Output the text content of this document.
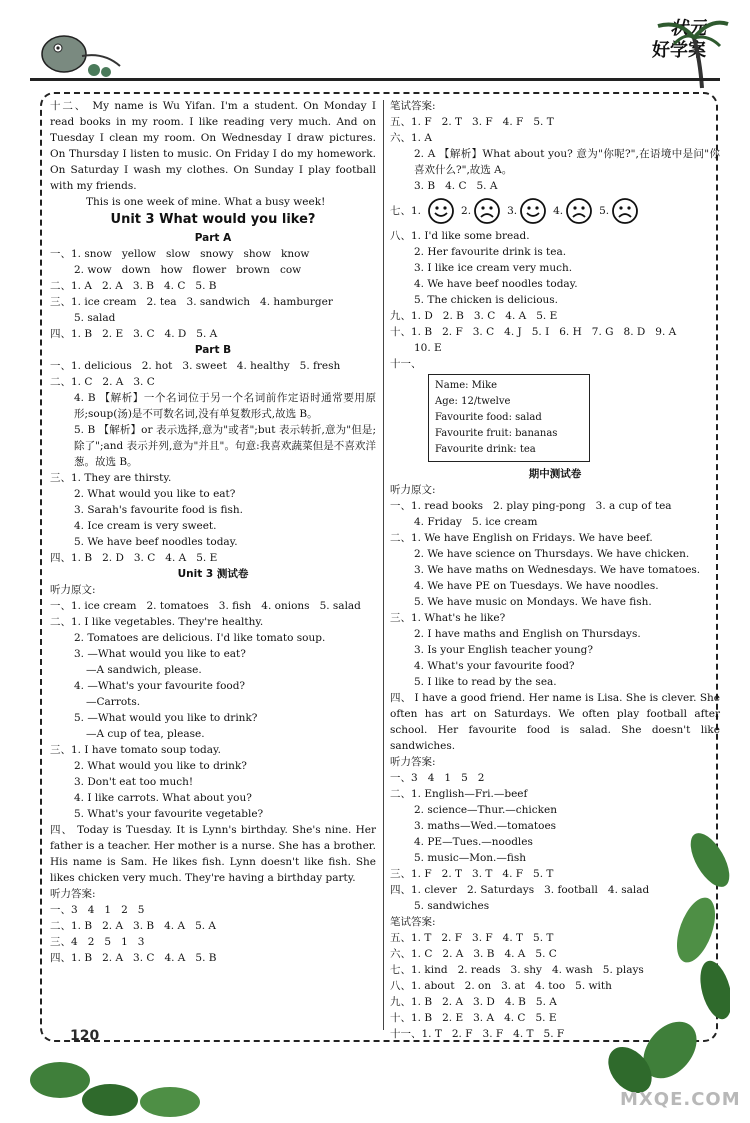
状元
好学案
120
MXQE.COM
十二、 My name is Wu Yifan. I'm a student. On Monday I read books in my room. I like reading very much. And on Tuesday I clean my room. On Wednesday I draw pictures. On Thursday I listen to music. On Friday I do my homework. On Saturday I wash my clothes. On Sunday I play football with my friends.
This is one week of mine. What a busy week!
Unit 3 What would you like?
Part A
一、1. snow   yellow   slow   snowy   show   know
2. wow   down   how   flower   brown   cow
二、1. A   2. A   3. B   4. C   5. B
三、1. ice cream   2. tea   3. sandwich   4. hamburger
5. salad
四、1. B   2. E   3. C   4. D   5. A
Part B
一、1. delicious   2. hot   3. sweet   4. healthy   5. fresh
二、1. C   2. A   3. C
4. B 【解析】一个名词位于另一个名词前作定语时通常要用原形;soup(汤)是不可数名词,没有单复数形式,故选 B。
5. B 【解析】or 表示选择,意为"或者";but 表示转折,意为"但是;除了";and 表示并列,意为"并且"。句意:我喜欢蔬菜但是不喜欢洋葱。故选 B。
三、1. They are thirsty.
2. What would you like to eat?
3. Sarah's favourite food is fish.
4. Ice cream is very sweet.
5. We have beef noodles today.
四、1. B   2. D   3. C   4. A   5. E
Unit 3 测试卷
听力原文:
一、1. ice cream   2. tomatoes   3. fish   4. onions   5. salad
二、1. I like vegetables. They're healthy.
2. Tomatoes are delicious. I'd like tomato soup.
3. —What would you like to eat?
—A sandwich, please.
4. —What's your favourite food?
—Carrots.
5. —What would you like to drink?
—A cup of tea, please.
三、1. I have tomato soup today.
2. What would you like to drink?
3. Don't eat too much!
4. I like carrots. What about you?
5. What's your favourite vegetable?
四、 Today is Tuesday. It is Lynn's birthday. She's nine. Her father is a teacher. Her mother is a nurse. She has a brother. His name is Sam. He likes fish. Lynn doesn't like fish. She likes chicken very much. They're having a birthday party.
听力答案:
一、3   4   1   2   5
二、1. B   2. A   3. B   4. A   5. A
三、4   2   5   1   3
四、1. B   2. A   3. C   4. A   5. B
笔试答案:
五、1. F   2. T   3. F   4. F   5. T
六、1. A
2. A 【解析】What about you? 意为"你呢?",在语境中是问"你喜欢什么?",故选 A。
3. B   4. C   5. A
七、1.	2.	3.	4.	5.
八、1. I'd like some bread.
2. Her favourite drink is tea.
3. I like ice cream very much.
4. We have beef noodles today.
5. The chicken is delicious.
九、1. D   2. B   3. C   4. A   5. E
十、1. B   2. F   3. C   4. J   5. I   6. H   7. G   8. D   9. A
10. E
十一、
Name: Mike
Age: 12/twelve
Favourite food: salad
Favourite fruit: bananas
Favourite drink: tea
期中测试卷
听力原文:
一、1. read books   2. play ping-pong   3. a cup of tea
4. Friday   5. ice cream
二、1. We have English on Fridays. We have beef.
2. We have science on Thursdays. We have chicken.
3. We have maths on Wednesdays. We have tomatoes.
4. We have PE on Tuesdays. We have noodles.
5. We have music on Mondays. We have fish.
三、1. What's he like?
2. I have maths and English on Thursdays.
3. Is your English teacher young?
4. What's your favourite food?
5. I like to read by the sea.
四、 I have a good friend. Her name is Lisa. She is clever. She often has art on Saturdays. We often play football after school. Her favourite food is salad. She doesn't like sandwiches.
听力答案:
一、3   4   1   5   2
二、1. English—Fri.—beef
2. science—Thur.—chicken
3. maths—Wed.—tomatoes
4. PE—Tues.—noodles
5. music—Mon.—fish
三、1. F   2. T   3. T   4. F   5. T
四、1. clever   2. Saturdays   3. football   4. salad
5. sandwiches
笔试答案:
五、1. T   2. F   3. F   4. T   5. T
六、1. C   2. A   3. B   4. A   5. C
七、1. kind   2. reads   3. shy   4. wash   5. plays
八、1. about   2. on   3. at   4. too   5. with
九、1. B   2. A   3. D   4. B   5. A
十、1. B   2. E   3. A   4. C   5. E
十一、1. T   2. F   3. F   4. T   5. F
